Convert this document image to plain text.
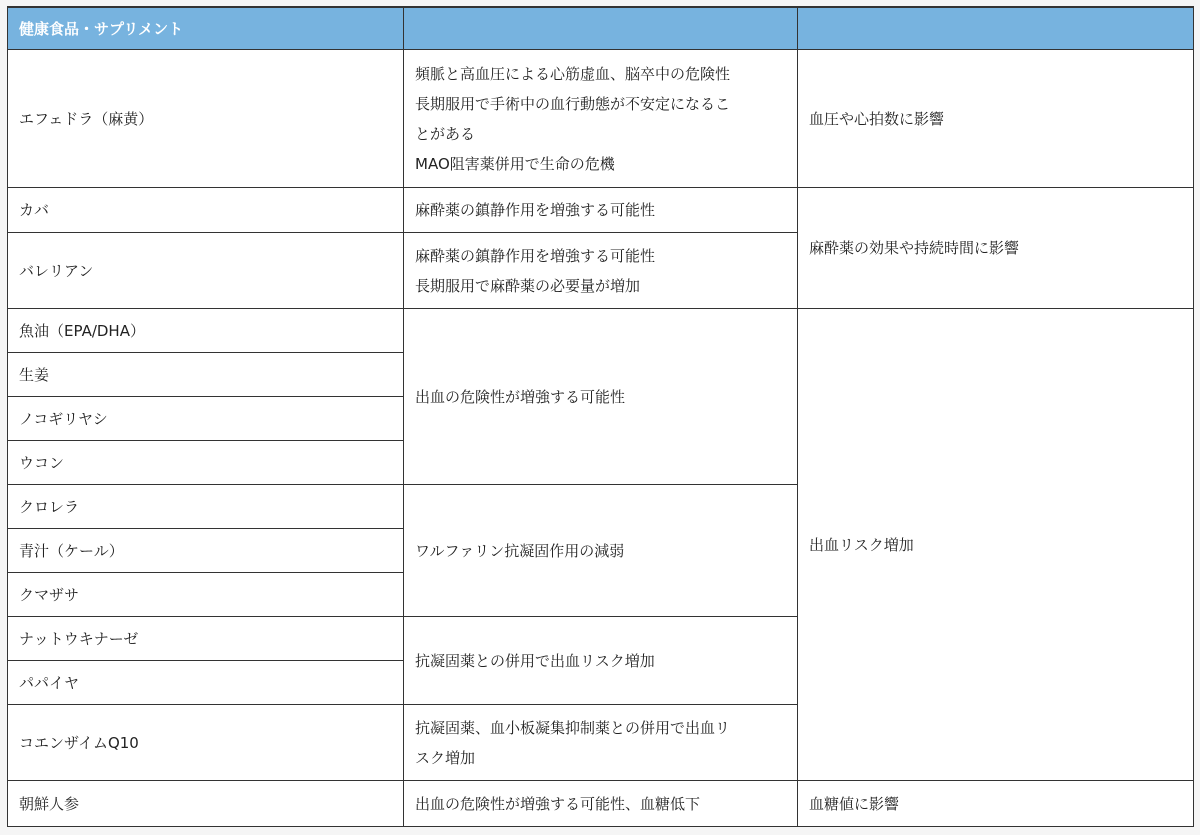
健康食品・サプリメント		
エフェドラ（麻黄）	頻脈と高血圧による心筋虚血、脳卒中の危険性
長期服用で手術中の血行動態が不安定になるこ
とがある
MAO阻害薬併用で生命の危機	血圧や心拍数に影響
カバ	麻酔薬の鎮静作用を増強する可能性	麻酔薬の効果や持続時間に影響
バレリアン	麻酔薬の鎮静作用を増強する可能性
長期服用で麻酔薬の必要量が増加	

魚油（EPA/DHA）	出血の危険性が増強する可能性	出血リスク増加
生姜		
ノコギリヤシ		
ウコン		
クロレラ	ワルファリン抗凝固作用の減弱	
青汁（ケール）		
クマザサ		
ナットウキナーゼ	抗凝固薬との併用で出血リスク増加	
パパイヤ		
コエンザイムQ10	抗凝固薬、血小板凝集抑制薬との併用で出血リ
スク増加	

朝鮮人参	出血の危険性が増強する可能性、血糖低下	血糖値に影響
